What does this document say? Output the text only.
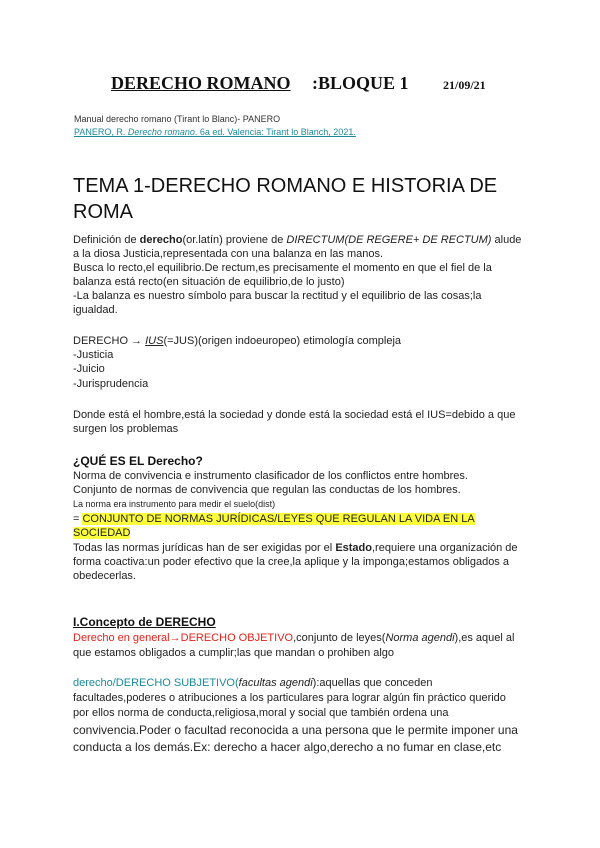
DERECHO ROMANO :BLOQUE 1	21/09/21
Manual derecho romano (Tirant lo Blanc)- PANERO
PANERO, R. Derecho romano. 6a ed. Valencia: Tirant lo Blanch, 2021.
TEMA 1-DERECHO ROMANO E HISTORIA DE
ROMA
Definición de derecho(or.latín) proviene de DIRECTUM(DE REGERE+ DE RECTUM) alude
a la diosa Justicia,representada con una balanza en las manos.
Busca lo recto,el equilibrio.De rectum,es precisamente el momento en que el fiel de la
balanza está recto(en situación de equilibrio,de lo justo)
-La balanza es nuestro símbolo para buscar la rectitud y el equilibrio de las cosas;la
igualdad.
DERECHO → IUS(=JUS)(origen indoeuropeo) etimología compleja
-Justicia
-Juicio
-Jurisprudencia
Donde está el hombre,está la sociedad y donde está la sociedad está el IUS=debido a que
surgen los problemas
¿QUÉ ES EL Derecho?
Norma de convivencia e instrumento clasificador de los conflictos entre hombres.
Conjunto de normas de convivencia que regulan las conductas de los hombres.
La norma era instrumento para medir el suelo(dist)
= CONJUNTO DE NORMAS JURÍDICAS/LEYES QUE REGULAN LA VIDA EN LA
SOCIEDAD
Todas las normas jurídicas han de ser exigidas por el Estado,requiere una organización de
forma coactiva:un poder efectivo que la cree,la aplique y la imponga;estamos obligados a
obedecerlas.
I.Concepto de DERECHO
Derecho en general→DERECHO OBJETIVO,conjunto de leyes(Norma agendi),es aquel al
que estamos obligados a cumplir;las que mandan o prohiben algo
derecho/DERECHO SUBJETIVO(facultas agendi):aquellas que conceden
facultades,poderes o atribuciones a los particulares para lograr algún fin práctico querido
por ellos norma de conducta,religiosa,moral y social que también ordena una
convivencia.Poder o facultad reconocida a una persona que le permite imponer una
conducta a los demás.Ex: derecho a hacer algo,derecho a no fumar en clase,etc
